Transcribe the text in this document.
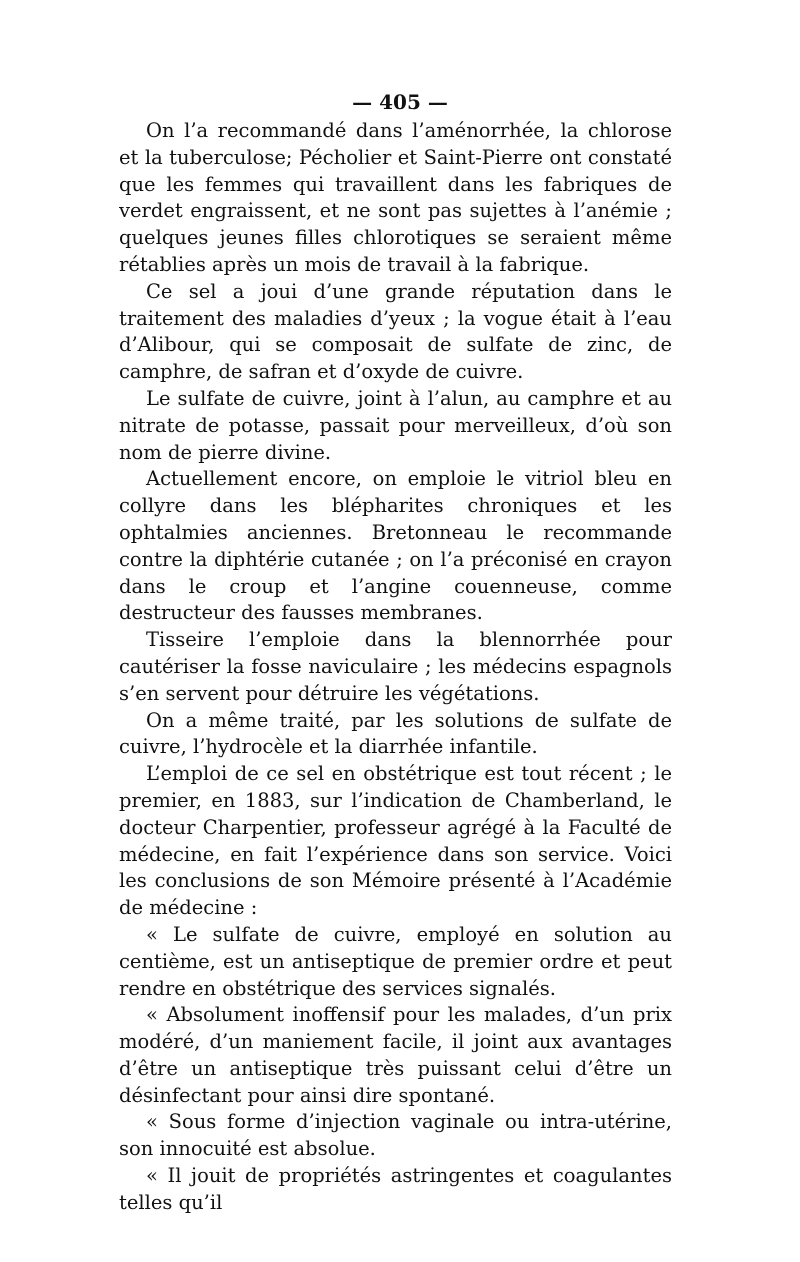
— 405 —

On l’a recommandé dans l’aménorrhée, la chlorose et la tuberculose; Pécholier et Saint-Pierre ont constaté que les femmes qui travaillent dans les fabriques de verdet engraissent, et ne sont pas sujettes à l’anémie ; quelques jeunes filles chlorotiques se seraient même rétablies après un mois de travail à la fabrique.

Ce sel a joui d’une grande réputation dans le traitement des maladies d’yeux ; la vogue était à l’eau d’Alibour, qui se composait de sulfate de zinc, de camphre, de safran et d’oxyde de cuivre.

Le sulfate de cuivre, joint à l’alun, au camphre et au nitrate de potasse, passait pour merveilleux, d’où son nom de pierre divine.

Actuellement encore, on emploie le vitriol bleu en collyre dans les blépharites chroniques et les ophtalmies anciennes. Bretonneau le recommande contre la diphtérie cutanée ; on l’a préconisé en crayon dans le croup et l’angine couenneuse, comme destructeur des fausses membranes.

Tisseire l’emploie dans la blennorrhée pour cautériser la fosse naviculaire ; les médecins espagnols s’en servent pour détruire les végétations.

On a même traité, par les solutions de sulfate de cuivre, l’hydrocèle et la diarrhée infantile.

L’emploi de ce sel en obstétrique est tout récent ; le premier, en 1883, sur l’indication de Chamberland, le docteur Charpentier, professeur agrégé à la Faculté de médecine, en fait l’expérience dans son service. Voici les conclusions de son Mémoire présenté à l’Académie de médecine :

« Le sulfate de cuivre, employé en solution au centième, est un antiseptique de premier ordre et peut rendre en obstétrique des services signalés.

« Absolument inoffensif pour les malades, d’un prix modéré, d’un maniement facile, il joint aux avantages d’être un antiseptique très puissant celui d’être un désinfectant pour ainsi dire spontané.

« Sous forme d’injection vaginale ou intra-utérine, son innocuité est absolue.

« Il jouit de propriétés astringentes et coagulantes telles qu’il
